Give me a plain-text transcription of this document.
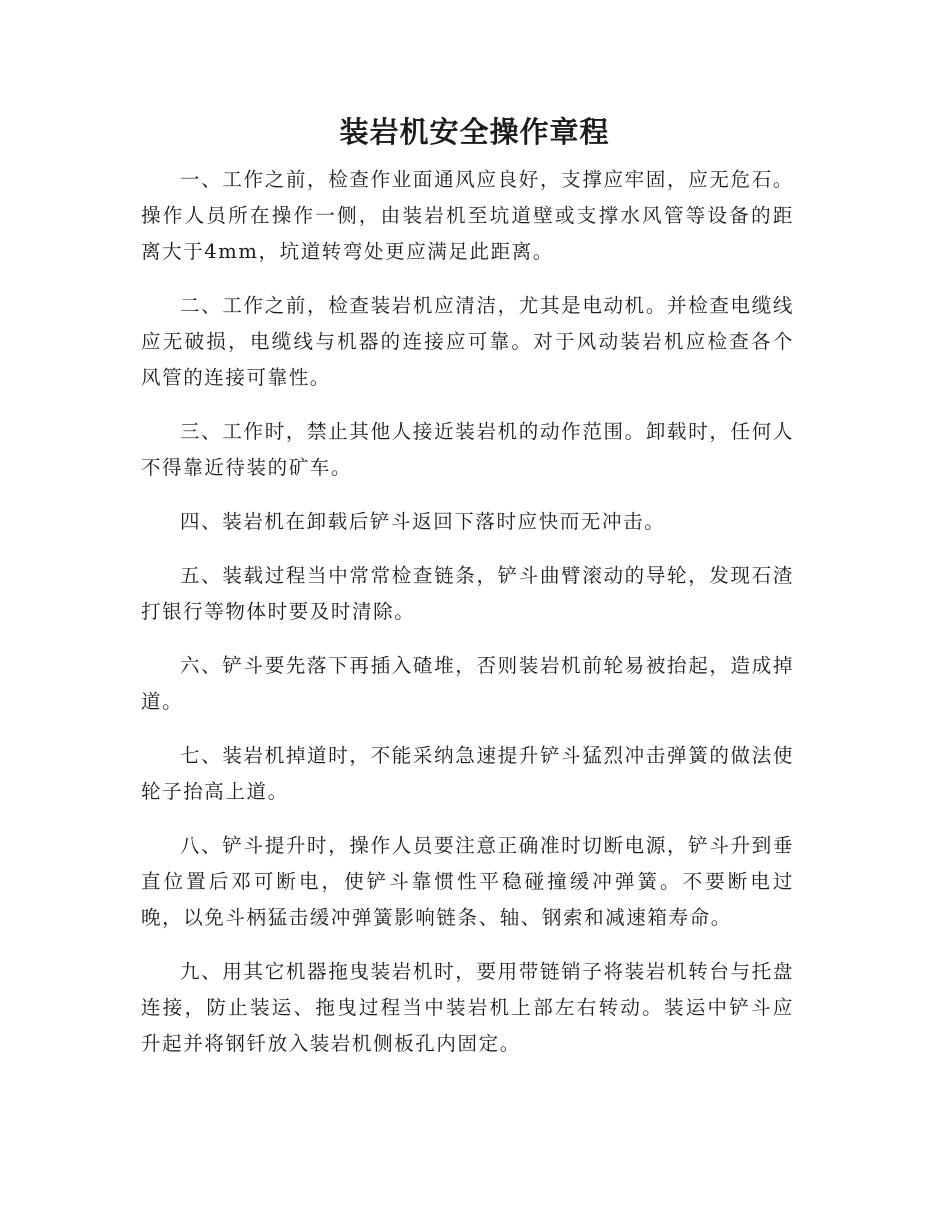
装岩机安全操作章程

一、工作之前，检查作业面通风应良好，支撑应牢固，应无危石。操作人员所在操作一侧，由装岩机至坑道壁或支撑水风管等设备的距离大于4mm，坑道转弯处更应满足此距离。

二、工作之前，检查装岩机应清洁，尤其是电动机。并检查电缆线应无破损，电缆线与机器的连接应可靠。对于风动装岩机应检查各个风管的连接可靠性。

三、工作时，禁止其他人接近装岩机的动作范围。卸载时，任何人不得靠近待装的矿车。

四、装岩机在卸载后铲斗返回下落时应快而无冲击。

五、装载过程当中常常检查链条，铲斗曲臂滚动的导轮，发现石渣打银行等物体时要及时清除。

六、铲斗要先落下再插入碴堆，否则装岩机前轮易被抬起，造成掉道。

七、装岩机掉道时，不能采纳急速提升铲斗猛烈冲击弹簧的做法使轮子抬高上道。

八、铲斗提升时，操作人员要注意正确准时切断电源，铲斗升到垂直位置后邓可断电，使铲斗靠惯性平稳碰撞缓冲弹簧。不要断电过晚，以免斗柄猛击缓冲弹簧影响链条、轴、钢索和减速箱寿命。

九、用其它机器拖曳装岩机时，要用带链销子将装岩机转台与托盘连接，防止装运、拖曳过程当中装岩机上部左右转动。装运中铲斗应升起并将钢钎放入装岩机侧板孔内固定。
